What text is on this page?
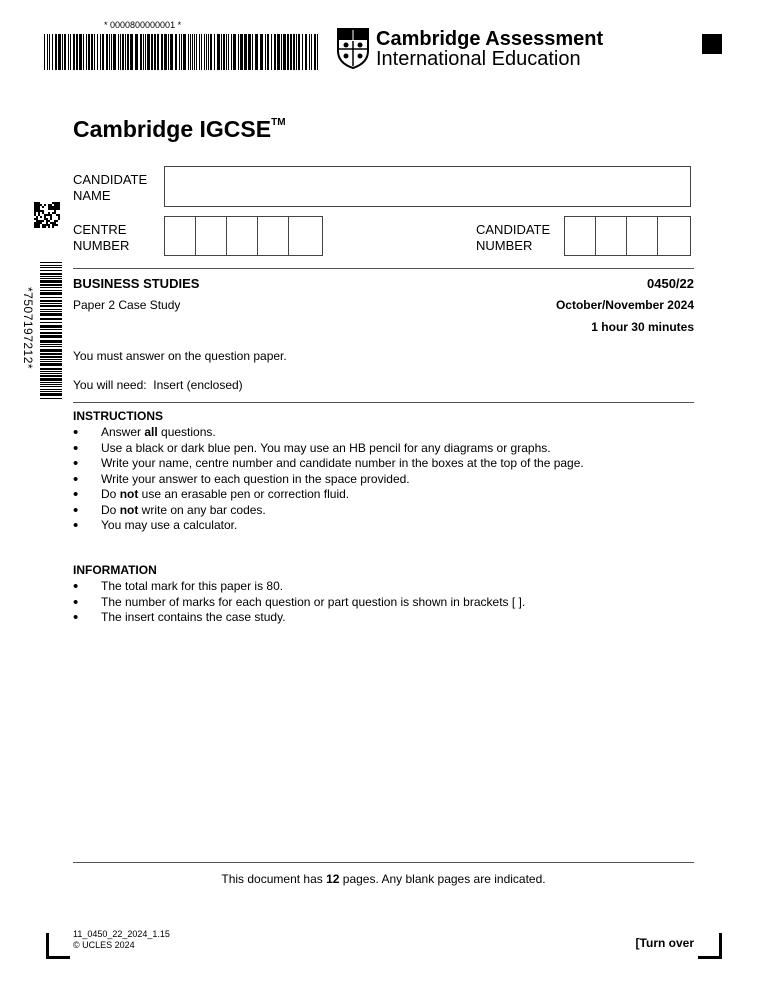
* 0000800000001 *
Cambridge Assessment
International Education
*7507197212*
Cambridge IGCSE™
CANDIDATE
NAME
CENTRE
NUMBER
CANDIDATE
NUMBER
BUSINESS STUDIES	0450/22
Paper 2 Case Study	October/November 2024
1 hour 30 minutes
You must answer on the question paper.
You will need: Insert (enclosed)
INSTRUCTIONS
• Answer all questions.
• Use a black or dark blue pen. You may use an HB pencil for any diagrams or graphs.
• Write your name, centre number and candidate number in the boxes at the top of the page.
• Write your answer to each question in the space provided.
• Do not use an erasable pen or correction fluid.
• Do not write on any bar codes.
• You may use a calculator.
INFORMATION
• The total mark for this paper is 80.
• The number of marks for each question or part question is shown in brackets [ ].
• The insert contains the case study.
This document has 12 pages. Any blank pages are indicated.
11_0450_22_2024_1.15
© UCLES 2024	[Turn over
